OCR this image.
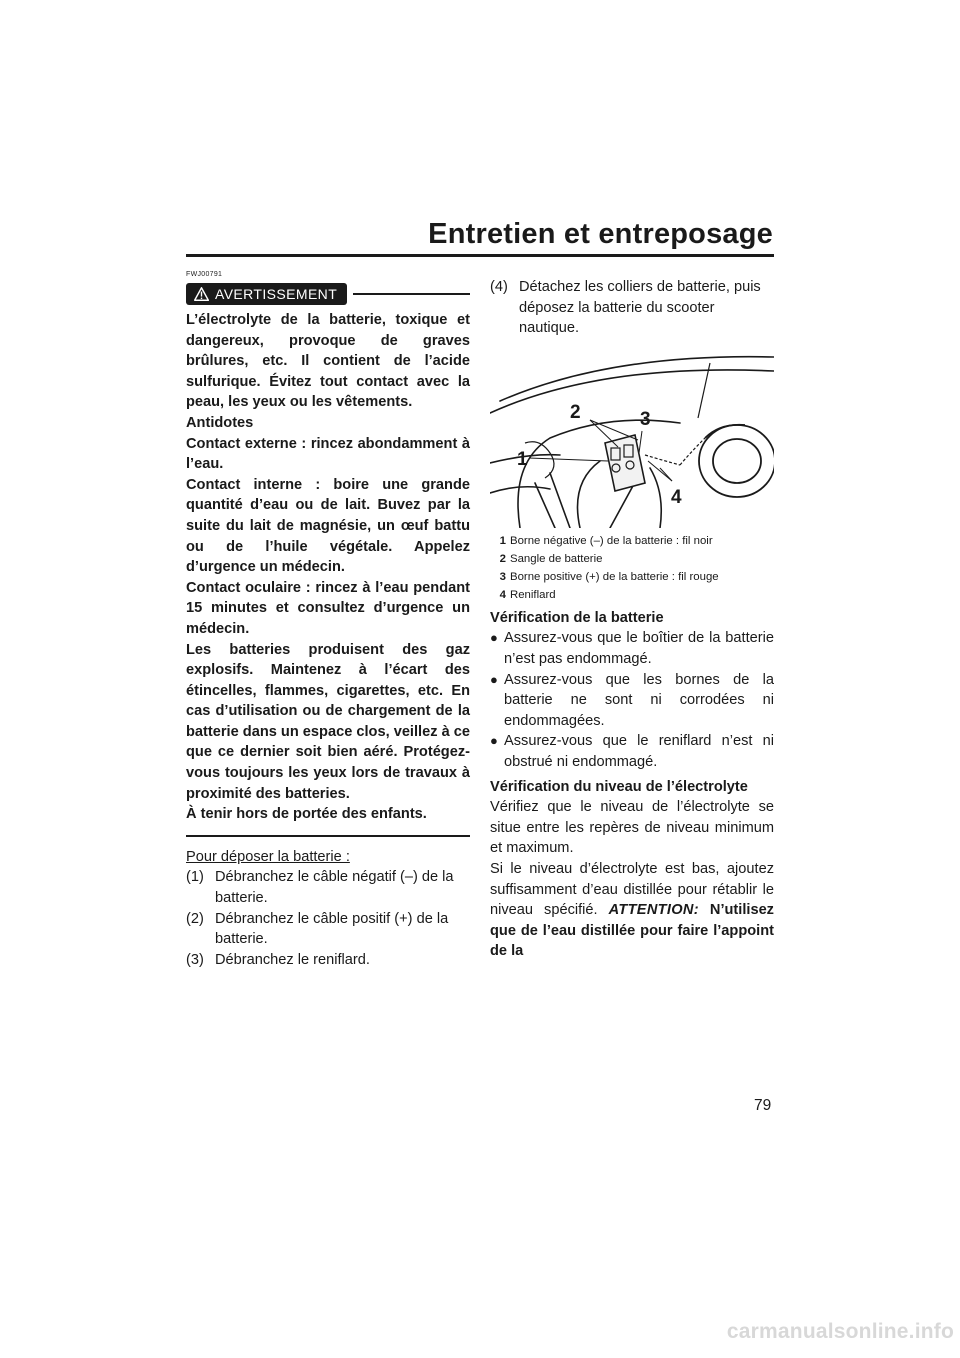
Entretien et entreposage
FWJ00791
AVERTISSEMENT

L’électrolyte de la batterie, toxique et dangereux, provoque de graves brûlures, etc. Il contient de l’acide sulfurique. Évitez tout contact avec la peau, les yeux ou les vêtements.

Antidotes

Contact externe : rincez abondamment à l’eau.

Contact interne : boire une grande quantité d’eau ou de lait. Buvez par la suite du lait de magnésie, un œuf battu ou de l’huile végétale. Appelez d’urgence un médecin.

Contact oculaire : rincez à l’eau pendant 15 minutes et consultez d’urgence un médecin.

Les batteries produisent des gaz explosifs. Maintenez à l’écart des étincelles, flammes, cigarettes, etc. En cas d’utilisation ou de chargement de la batterie dans un espace clos, veillez à ce que ce dernier soit bien aéré. Protégez-vous toujours les yeux lors de travaux à proximité des batteries.

À tenir hors de portée des enfants.

Pour déposer la batterie :
(1) Débranchez le câble négatif (–) de la batterie.
(2) Débranchez le câble positif (+) de la batterie.
(3) Débranchez le reniflard.
(4) Détachez les colliers de batterie, puis déposez la batterie du scooter nautique.
2	3
1
4
1 Borne négative (–) de la batterie : fil noir
2 Sangle de batterie
3 Borne positive (+) de la batterie : fil rouge
4 Reniflard
Vérification de la batterie
● Assurez-vous que le boîtier de la batterie n’est pas endommagé.
● Assurez-vous que les bornes de la batterie ne sont ni corrodées ni endommagées.
● Assurez-vous que le reniflard n’est ni obstrué ni endommagé.
Vérification du niveau de l’électrolyte

Vérifiez que le niveau de l’électrolyte se situe entre les repères de niveau minimum et maximum.

Si le niveau d’électrolyte est bas, ajoutez suffisamment d’eau distillée pour rétablir le niveau spécifié. ATTENTION: N’utilisez que de l’eau distillée pour faire l’appoint de la

79
carmanualsonline.info
